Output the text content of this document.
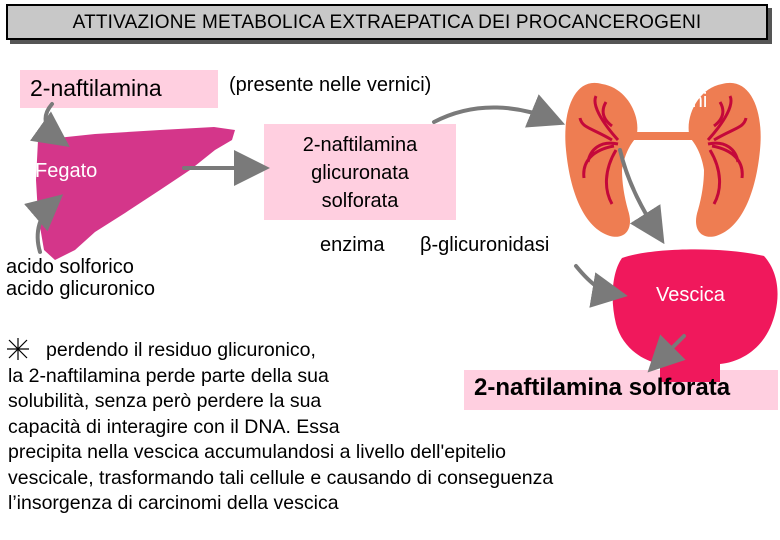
ATTIVAZIONE METABOLICA EXTRAEPATICA DEI PROCANCEROGENI
2-naftilamina	(presente nelle vernici)
Fegato
acido solforico
acido glicuronico
2-naftilamina
glicuronata
solforata
reni
enzima β-glicuronidasi
Vescica
2-naftilamina solforata
perdendo il residuo glicuronico,
la 2-naftilamina perde parte della sua
solubilità, senza però perdere la sua
capacità di interagire con il DNA. Essa
precipita nella vescica accumulandosi a livello dell'epitelio
vescicale, trasformando tali cellule e causando di conseguenza
l’insorgenza di carcinomi della vescica
